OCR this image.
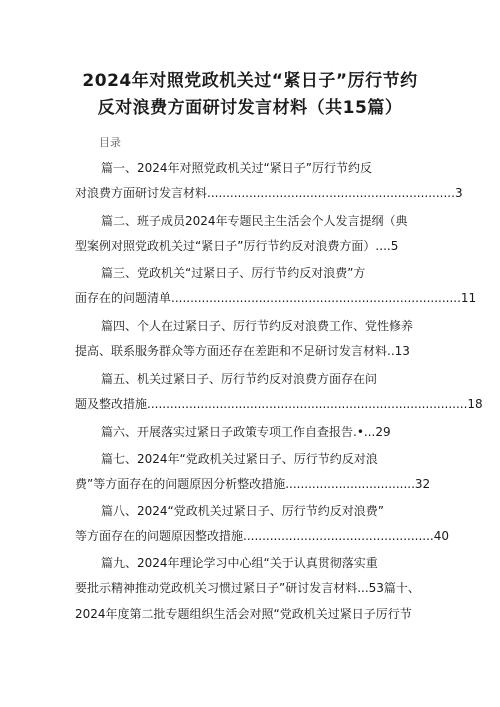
2024年对照党政机关过“紧日子”厉行节约
反对浪费方面研讨发言材料（共15篇）
目录
篇一、2024年对照党政机关过“紧日子”厉行节约反
对浪费方面研讨发言材料.................................................................3
篇二、班子成员2024年专题民主生活会个人发言提纲（典
型案例对照党政机关过“紧日子”厉行节约反对浪费方面）....5
篇三、党政机关“过紧日子、厉行节约反对浪费”方
面存在的问题清单............................................................................11
篇四、个人在过紧日子、厉行节约反对浪费工作、党性修养
提高、联系服务群众等方面还存在差距和不足研讨发言材料..13
篇五、机关过紧日子、厉行节约反对浪费方面存在问
题及整改措施....................................................................................18
篇六、开展落实过紧日子政策专项工作自查报告.•...29
篇七、2024年“党政机关过紧日子、厉行节约反对浪
费”等方面存在的问题原因分析整改措施..................................32
篇八、2024“党政机关过紧日子、厉行节约反对浪费”
等方面存在的问题原因整改措施..................................................40
篇九、2024年理论学习中心组“关于认真贯彻落实重
要批示精神推动党政机关习惯过紧日子”研讨发言材料...53篇十、
2024年度第二批专题组织生活会对照“党政机关过紧日子厉行节
